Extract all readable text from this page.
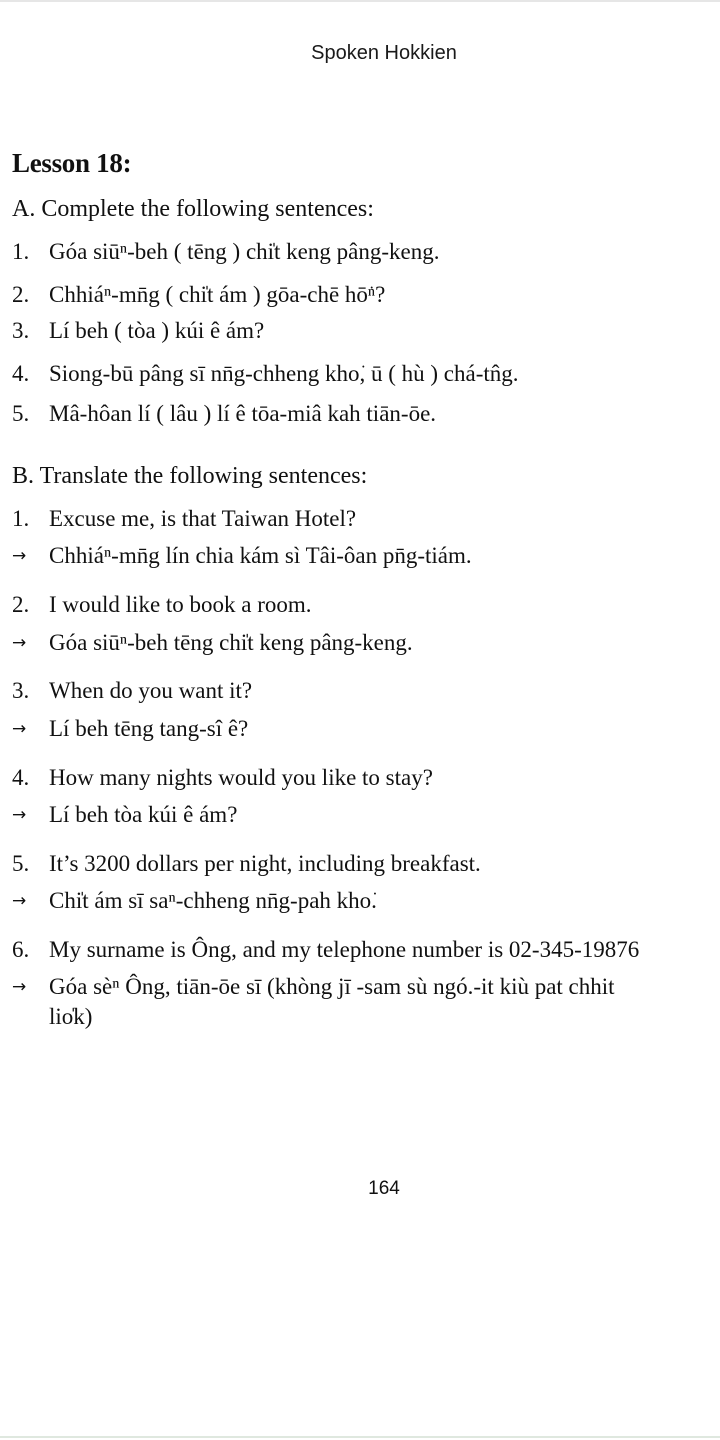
Spoken Hokkien
Lesson 18:
A. Complete the following sentences:
1. Góa siūⁿ-beh ( tēng ) chi̍t keng pâng-keng.
2. Chhiáⁿ-mn̄g ( chi̍t ám ) gōa-chē hō͘ⁿ?
3. Lí beh ( tòa ) kúi ê ám?
4. Siong-bū pâng sī nn̄g-chheng kho͘, ū ( hù ) chá-tn̂g.
5. Mâ-hôan lí ( lâu ) lí ê tōa-miâ kah tiān-ōe.
B. Translate the following sentences:
1. Excuse me, is that Taiwan Hotel?
→ Chhiáⁿ-mn̄g lín chia kám sì Tâi-ôan pn̄g-tiám.
2. I would like to book a room.
→ Góa siūⁿ-beh tēng chi̍t keng pâng-keng.
3. When do you want it?
→ Lí beh tēng tang-sî ê?
4. How many nights would you like to stay?
→ Lí beh tòa kúi ê ám?
5. It’s 3200 dollars per night, including breakfast.
→ Chi̍t ám sī saⁿ-chheng nn̄g-pah kho͘.
6. My surname is Ông, and my telephone number is 02-345-19876
→ Góa sèⁿ Ông, tiān-ōe sī (khòng jī -sam sù ngó.-it kiù pat chhit
lio̍k)
164
